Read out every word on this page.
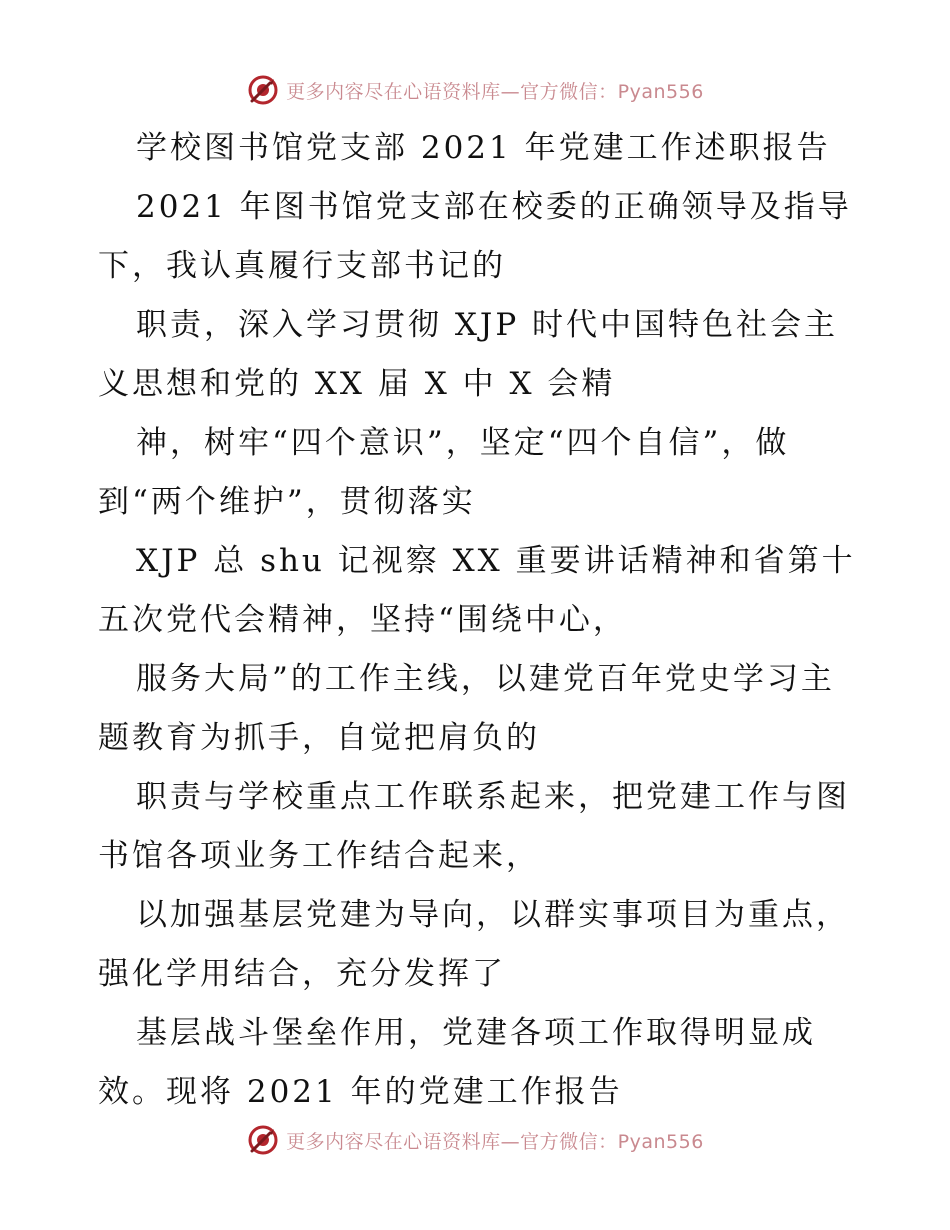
更多内容尽在心语资料库—官方微信：Pyan556
学校图书馆党支部 2021 年党建工作述职报告
2021 年图书馆党支部在校委的正确领导及指导
下，我认真履行支部书记的
职责，深入学习贯彻 XJP 时代中国特色社会主
义思想和党的 XX 届 X 中 X 会精
神，树牢“四个意识”，坚定“四个自信”，做
到“两个维护”，贯彻落实
XJP 总 shu 记视察 XX 重要讲话精神和省第十
五次党代会精神，坚持“围绕中心，
服务大局”的工作主线，以建党百年党史学习主
题教育为抓手，自觉把肩负的
职责与学校重点工作联系起来，把党建工作与图
书馆各项业务工作结合起来，
以加强基层党建为导向，以群实事项目为重点，
强化学用结合，充分发挥了
基层战斗堡垒作用，党建各项工作取得明显成
效。现将 2021 年的党建工作报告
更多内容尽在心语资料库—官方微信：Pyan556
